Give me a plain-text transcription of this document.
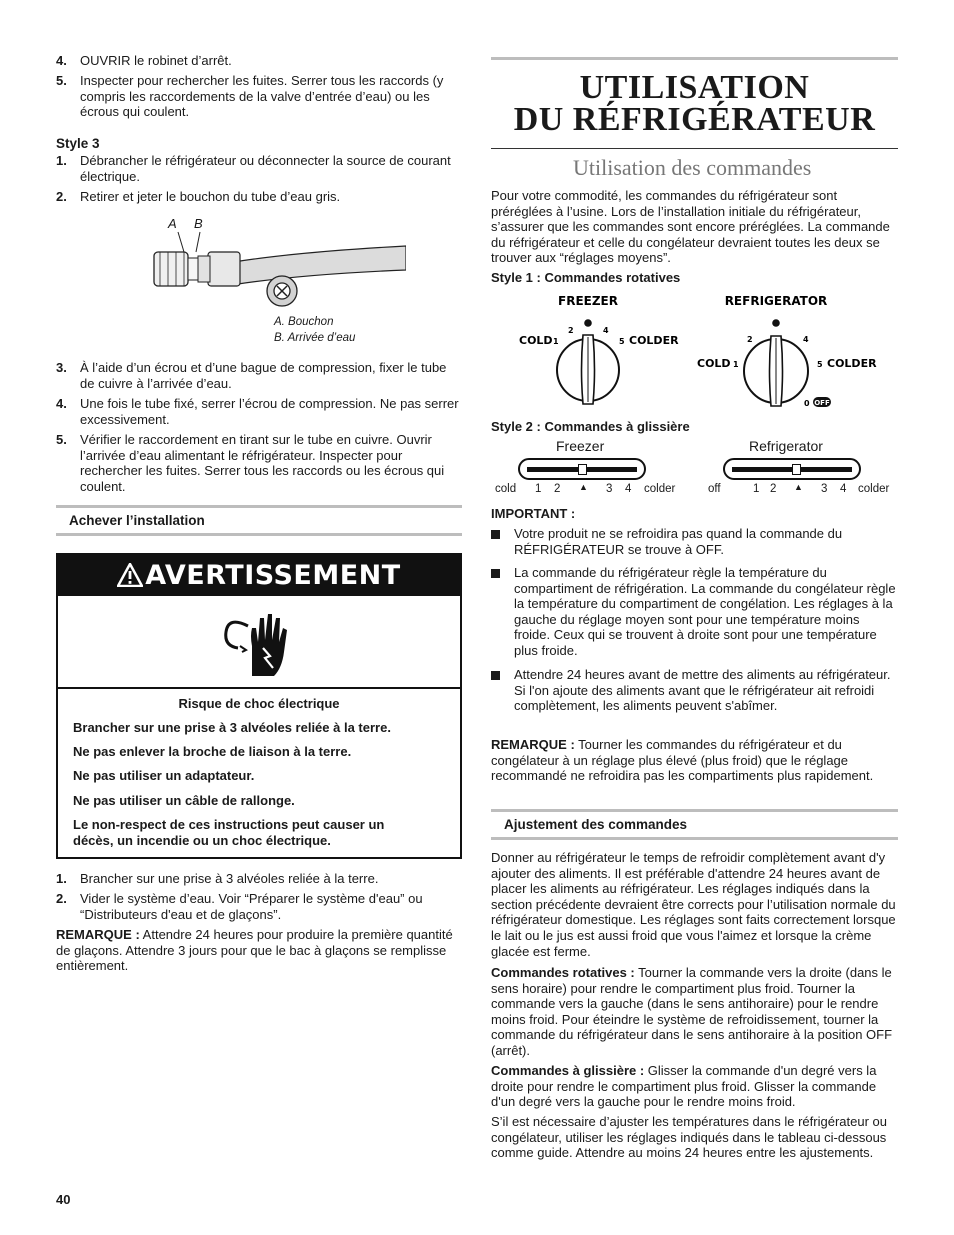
4. OUVRIR le robinet d’arrêt.
5. Inspecter pour rechercher les fuites. Serrer tous les raccords (y compris les raccordements de la valve d’entrée d’eau) ou les écrous qui coulent.
Style 3
1. Débrancher le réfrigérateur ou déconnecter la source de courant électrique.
2. Retirer et jeter le bouchon du tube d’eau gris.
A B
A. Bouchon
B. Arrivée d’eau
3. À l’aide d’un écrou et d’une bague de compression, fixer le tube de cuivre à l’arrivée d’eau.
4. Une fois le tube fixé, serrer l’écrou de compression. Ne pas serrer excessivement.
5. Vérifier le raccordement en tirant sur le tube en cuivre. Ouvrir l’arrivée d’eau alimentant le réfrigérateur. Inspecter pour rechercher les fuites. Serrer tous les raccords ou les écrous qui coulent.
Achever l’installation
AVERTISSEMENT
Risque de choc électrique
Brancher sur une prise à 3 alvéoles reliée à la terre.
Ne pas enlever la broche de liaison à la terre.
Ne pas utiliser un adaptateur.
Ne pas utiliser un câble de rallonge.
Le non-respect de ces instructions peut causer un décès, un incendie ou un choc électrique.
1. Brancher sur une prise à 3 alvéoles reliée à la terre.
2. Vider le système d’eau. Voir “Préparer le système d'eau” ou “Distributeurs d'eau et de glaçons”.
REMARQUE : Attendre 24 heures pour produire la première quantité de glaçons. Attendre 3 jours pour que le bac à glaçons se remplisse entièrement.
40
UTILISATION
DU RÉFRIGÉRATEUR
Utilisation des commandes
Pour votre commodité, les commandes du réfrigérateur sont préréglées à l’usine. Lors de l’installation initiale du réfrigérateur, s’assurer que les commandes sont encore préréglées. La commande du réfrigérateur et celle du congélateur devraient toutes les deux se trouver aux “réglages moyens”.
Style 1 : Commandes rotatives
FREEZER
COLD 1
2	4
5 COLDER
REFRIGERATOR
COLD 1
2	4
5 COLDER
0 OFF
Style 2 : Commandes à glissière
Freezer
cold 1 2 ▲ 3 4 colder
Refrigerator
off	1 2 ▲ 3 4 colder
IMPORTANT :
Votre produit ne se refroidira pas quand la commande du RÉFRIGÉRATEUR se trouve à OFF.
La commande du réfrigérateur règle la température du compartiment de réfrigération. La commande du congélateur règle la température du compartiment de congélation. Les réglages à la gauche du réglage moyen sont pour une température moins froide. Ceux qui se trouvent à droite sont pour une température plus froide.
Attendre 24 heures avant de mettre des aliments au réfrigérateur. Si l'on ajoute des aliments avant que le réfrigérateur ait refroidi complètement, les aliments peuvent s'abîmer.
REMARQUE : Tourner les commandes du réfrigérateur et du congélateur à un réglage plus élevé (plus froid) que le réglage recommandé ne refroidira pas les compartiments plus rapidement.
Ajustement des commandes
Donner au réfrigérateur le temps de refroidir complètement avant d'y ajouter des aliments. Il est préférable d'attendre 24 heures avant de placer les aliments au réfrigérateur. Les réglages indiqués dans la section précédente devraient être corrects pour l’utilisation normale du réfrigérateur domestique. Les réglages sont faits correctement lorsque le lait ou le jus est aussi froid que vous l'aimez et lorsque la crème glacée est ferme.
Commandes rotatives : Tourner la commande vers la droite (dans le sens horaire) pour rendre le compartiment plus froid. Tourner la commande vers la gauche (dans le sens antihoraire) pour le rendre moins froid. Pour éteindre le système de refroidissement, tourner la commande du réfrigérateur dans le sens antihoraire à la position OFF (arrêt).
Commandes à glissière : Glisser la commande d'un degré vers la droite pour rendre le compartiment plus froid. Glisser la commande d'un degré vers la gauche pour le rendre moins froid.
S’il est nécessaire d’ajuster les températures dans le réfrigérateur ou congélateur, utiliser les réglages indiqués dans le tableau ci-dessous comme guide. Attendre au moins 24 heures entre les ajustements.
